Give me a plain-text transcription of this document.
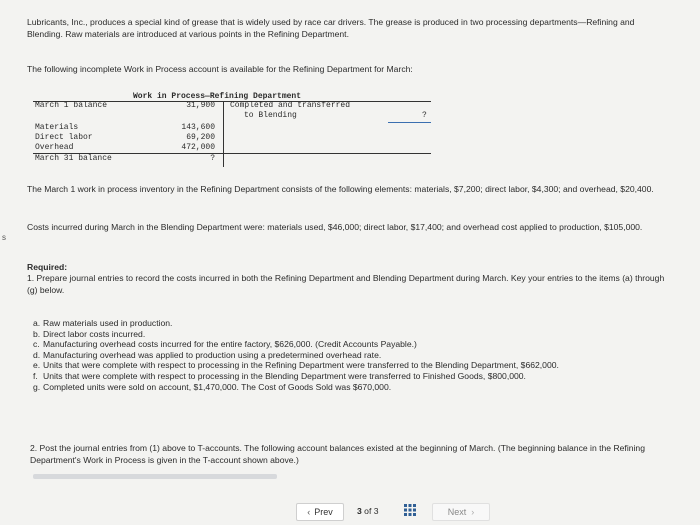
s
Lubricants, Inc., produces a special kind of grease that is widely used by race car drivers. The grease is produced in two processing departments—Refining and Blending. Raw materials are introduced at various points in the Refining Department.
The following incomplete Work in Process account is available for the Refining Department for March:
Work in Process—Refining Department
March 1 balance	31,900
Materials	143,600
Direct labor	69,200
Overhead	472,000
March 31 balance	?
Completed and transferred
to Blending	?
The March 1 work in process inventory in the Refining Department consists of the following elements: materials, $7,200; direct labor, $4,300; and overhead, $20,400.
Costs incurred during March in the Blending Department were: materials used, $46,000; direct labor, $17,400; and overhead cost applied to production, $105,000.
Required:
1. Prepare journal entries to record the costs incurred in both the Refining Department and Blending Department during March. Key your entries to the items (a) through (g) below.
a. Raw materials used in production.
b. Direct labor costs incurred.
c. Manufacturing overhead costs incurred for the entire factory, $626,000. (Credit Accounts Payable.)
d. Manufacturing overhead was applied to production using a predetermined overhead rate.
e. Units that were complete with respect to processing in the Refining Department were transferred to the Blending Department, $662,000.
f. Units that were complete with respect to processing in the Blending Department were transferred to Finished Goods, $800,000.
g. Completed units were sold on account, $1,470,000. The Cost of Goods Sold was $670,000.
2. Post the journal entries from (1) above to T-accounts. The following account balances existed at the beginning of March. (The beginning balance in the Refining Department's Work in Process is given in the T-account shown above.)
‹ Prev	3 of 3	Next ›
